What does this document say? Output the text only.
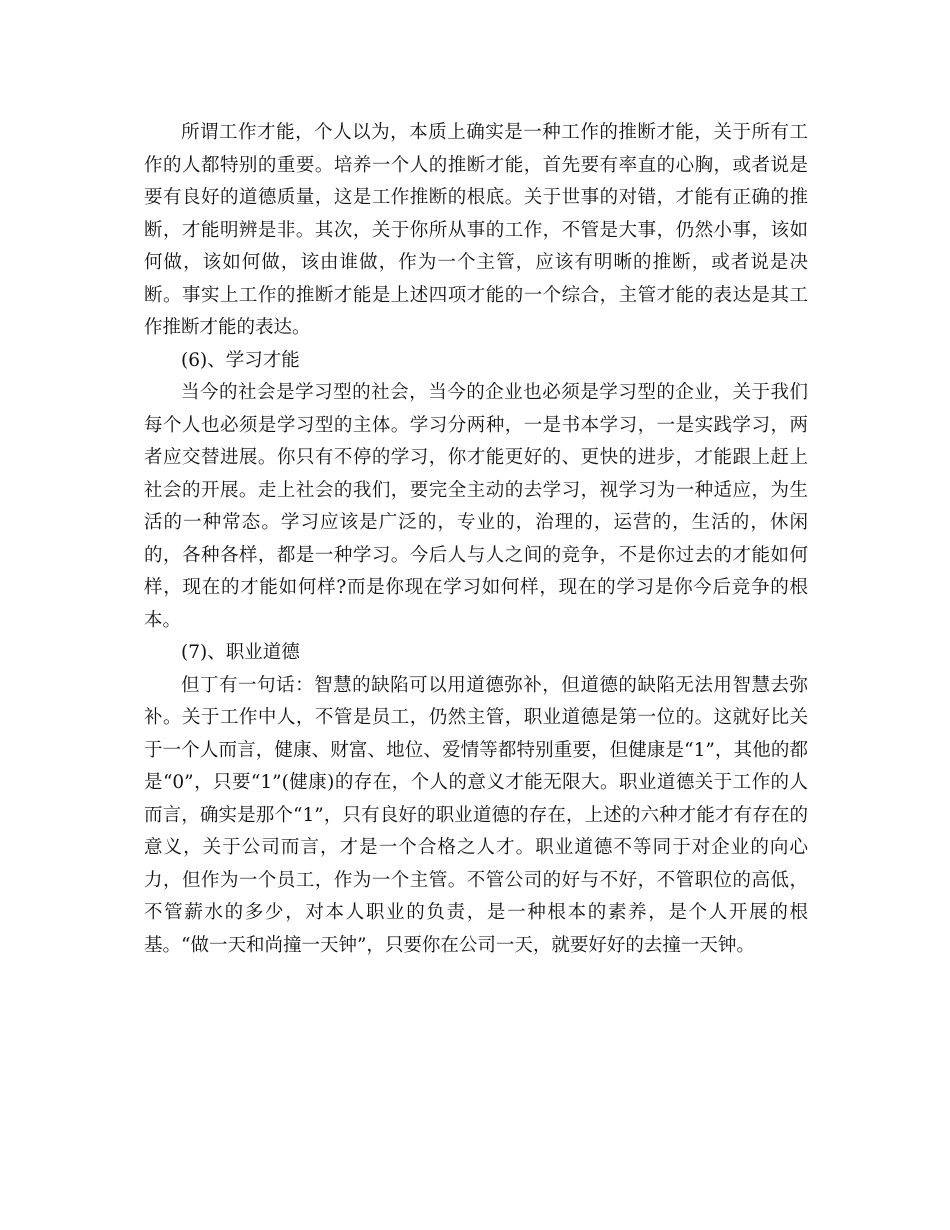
所谓工作才能，个人以为，本质上确实是一种工作的推断才能，关于所有工作的人都特别的重要。培养一个人的推断才能，首先要有率直的心胸，或者说是要有良好的道德质量，这是工作推断的根底。关于世事的对错，才能有正确的推断，才能明辨是非。其次，关于你所从事的工作，不管是大事，仍然小事，该如何做，该如何做，该由谁做，作为一个主管，应该有明晰的推断，或者说是决断。事实上工作的推断才能是上述四项才能的一个综合，主管才能的表达是其工作推断才能的表达。

(6)、学习才能

当今的社会是学习型的社会，当今的企业也必须是学习型的企业，关于我们每个人也必须是学习型的主体。学习分两种，一是书本学习，一是实践学习，两者应交替进展。你只有不停的学习，你才能更好的、更快的进步，才能跟上赶上社会的开展。走上社会的我们，要完全主动的去学习，视学习为一种适应，为生活的一种常态。学习应该是广泛的，专业的，治理的，运营的，生活的，休闲的，各种各样，都是一种学习。今后人与人之间的竞争，不是你过去的才能如何样，现在的才能如何样?而是你现在学习如何样，现在的学习是你今后竞争的根本。

(7)、职业道德

但丁有一句话：智慧的缺陷可以用道德弥补，但道德的缺陷无法用智慧去弥补。关于工作中人，不管是员工，仍然主管，职业道德是第一位的。这就好比关于一个人而言，健康、财富、地位、爱情等都特别重要，但健康是“1”，其他的都是“0”，只要“1”(健康)的存在，个人的意义才能无限大。职业道德关于工作的人而言，确实是那个“1”，只有良好的职业道德的存在，上述的六种才能才有存在的意义，关于公司而言，才是一个合格之人才。职业道德不等同于对企业的向心力，但作为一个员工，作为一个主管。不管公司的好与不好，不管职位的高低，不管薪水的多少，对本人职业的负责，是一种根本的素养，是个人开展的根基。“做一天和尚撞一天钟”，只要你在公司一天，就要好好的去撞一天钟。
